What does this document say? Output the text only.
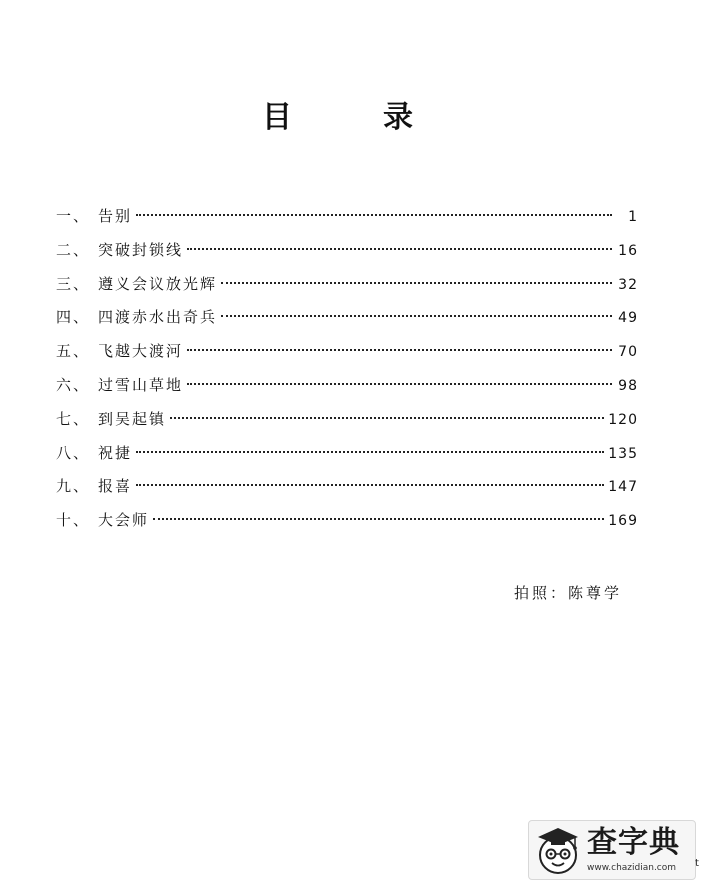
目	录
一、 告别	1
二、 突破封锁线	16
三、 遵义会议放光辉	32
四、 四渡赤水出奇兵	49
五、 飞越大渡河	70
六、 过雪山草地	98
七、 到吴起镇	120
八、 祝捷	135
九、 报喜	147
十、 大会师	169
拍照：陈尊学
查字典
www.chazidian.com t
